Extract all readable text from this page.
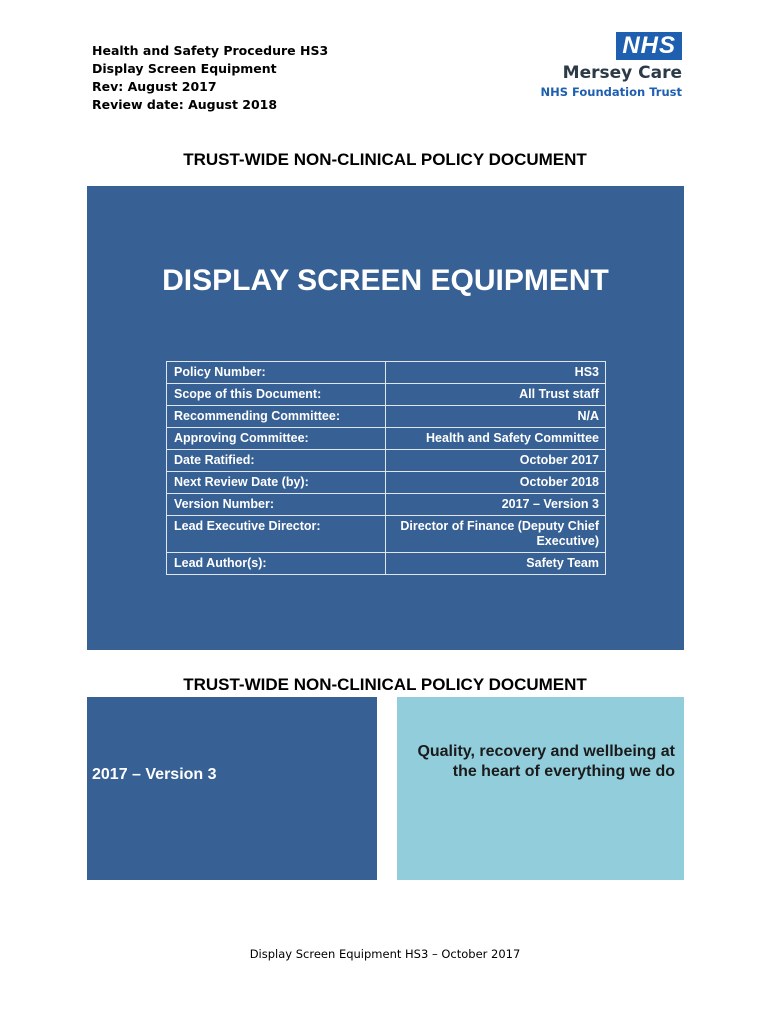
Health and Safety Procedure HS3
Display Screen Equipment
Rev: August 2017
Review date: August 2018
NHS
Mersey Care
NHS Foundation Trust
TRUST-WIDE NON-CLINICAL POLICY DOCUMENT
DISPLAY SCREEN EQUIPMENT
Policy Number:	HS3
Scope of this Document:	All Trust staff
Recommending Committee:	N/A
Approving Committee:	Health and Safety Committee
Date Ratified:	October 2017
Next Review Date (by):	October 2018
Version Number:	2017 – Version 3
Lead Executive Director:	Director of Finance (Deputy Chief Executive)
Lead Author(s):	Safety Team
TRUST-WIDE NON-CLINICAL POLICY DOCUMENT
2017 – Version 3
Quality, recovery and wellbeing at the heart of everything we do
Display Screen Equipment HS3 – October 2017
